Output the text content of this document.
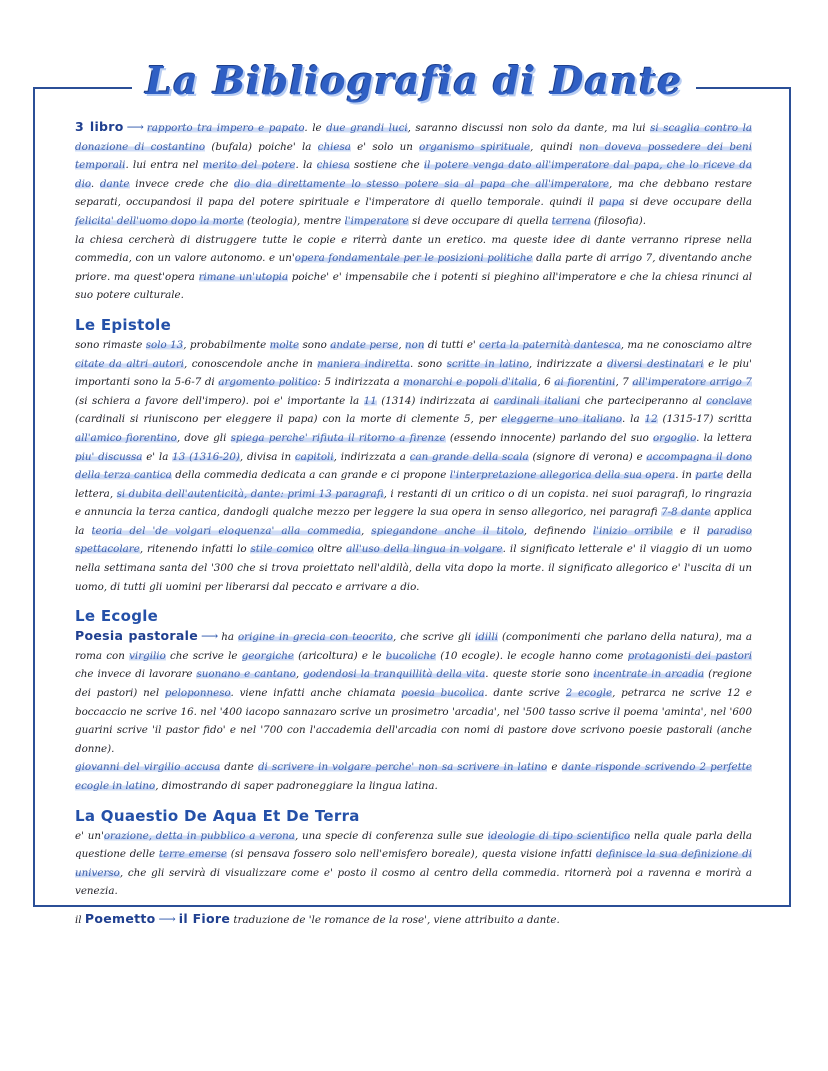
La Bibliografia di Dante

3 libro ⟶ rapporto tra impero e papato. le due grandi luci, saranno discussi non solo da dante, ma lui si scaglia contro la donazione di costantino (bufala) poiche' la chiesa e' solo un organismo spirituale, quindi non doveva possedere dei beni temporali. lui entra nel merito del potere. la chiesa sostiene che il potere venga dato all'imperatore dal papa, che lo riceve da dio. dante invece crede che dio dia direttamente lo stesso potere sia al papa che all'imperatore, ma che debbano restare separati, occupandosi il papa del potere spirituale e l'imperatore di quello temporale. quindi il papa si deve occupare della felicita' dell'uomo dopo la morte (teologia), mentre l'imperatore si deve occupare di quella terrena (filosofia).

la chiesa cercherà di distruggere tutte le copie e riterrà dante un eretico. ma queste idee di dante verranno riprese nella commedia, con un valore autonomo. e un'opera fondamentale per le posizioni politiche dalla parte di arrigo 7, diventando anche priore. ma quest'opera rimane un'utopia poiche' e' impensabile che i potenti si pieghino all'imperatore e che la chiesa rinunci al suo potere culturale.

Le Epistole

sono rimaste solo 13, probabilmente molte sono andate perse, non di tutti e' certa la paternità dantesca, ma ne conosciamo altre citate da altri autori, conoscendole anche in maniera indiretta. sono scritte in latino, indirizzate a diversi destinatari e le piu' importanti sono la 5-6-7 di argomento politico: 5 indirizzata a monarchi e popoli d'italia, 6 ai fiorentini, 7 all'imperatore arrigo 7 (si schiera a favore dell'impero). poi e' importante la 11 (1314) indirizzata ai cardinali italiani che parteciperanno al conclave (cardinali si riuniscono per eleggere il papa) con la morte di clemente 5, per eleggerne uno italiano. la 12 (1315-17) scritta all'amico fiorentino, dove gli spiega perche' rifiuta il ritorno a firenze (essendo innocente) parlando del suo orgoglio. la lettera piu' discussa e' la 13 (1316-20), divisa in capitoli, indirizzata a can grande della scala (signore di verona) e accompagna il dono della terza cantica della commedia dedicata a can grande e ci propone l'interpretazione allegorica della sua opera. in parte della lettera, si dubita dell'autenticità, dante: primi 13 paragrafi, i restanti di un critico o di un copista. nei suoi paragrafi, lo ringrazia e annuncia la terza cantica, dandogli qualche mezzo per leggere la sua opera in senso allegorico, nei paragrafi 7-8 dante applica la teoria del 'de volgari eloquenza' alla commedia, spiegandone anche il titolo, definendo l'inizio orribile e il paradiso spettacolare, ritenendo infatti lo stile comico oltre all'uso della lingua in volgare. il significato letterale e' il viaggio di un uomo nella settimana santa del '300 che si trova proiettato nell'aldilà, della vita dopo la morte. il significato allegorico e' l'uscita di un uomo, di tutti gli uomini per liberarsi dal peccato e arrivare a dio.

Le Ecogle

Poesia pastorale ⟶ ha origine in grecia con teocrito, che scrive gli idilli (componimenti che parlano della natura), ma a roma con virgilio che scrive le georgiche (aricoltura) e le bucoliche (10 ecogle). le ecogle hanno come protagonisti dei pastori che invece di lavorare suonano e cantano, godendosi la tranquillità della vita. queste storie sono incentrate in arcadia (regione dei pastori) nel peloponneso. viene infatti anche chiamata poesia bucolica. dante scrive 2 ecogle, petrarca ne scrive 12 e boccaccio ne scrive 16. nel '400 iacopo sannazaro scrive un prosimetro 'arcadia', nel '500 tasso scrive il poema 'aminta', nel '600 guarini scrive 'il pastor fido' e nel '700 con l'accademia dell'arcadia con nomi di pastore dove scrivono poesie pastorali (anche donne).

giovanni del virgilio accusa dante di scrivere in volgare perche' non sa scrivere in latino e dante risponde scrivendo 2 perfette ecogle in latino, dimostrando di saper padroneggiare la lingua latina.

La Quaestio De Aqua Et De Terra

e' un'orazione, detta in pubblico a verona, una specie di conferenza sulle sue ideologie di tipo scientifico nella quale parla della questione delle terre emerse (si pensava fossero solo nell'emisfero boreale), questa visione infatti definisce la sua definizione di universo, che gli servirà di visualizzare come e' posto il cosmo al centro della commedia. ritornerà poi a ravenna e morirà a venezia.

il Poemetto ⟶ il Fiore traduzione de 'le romance de la rose', viene attribuito a dante.
